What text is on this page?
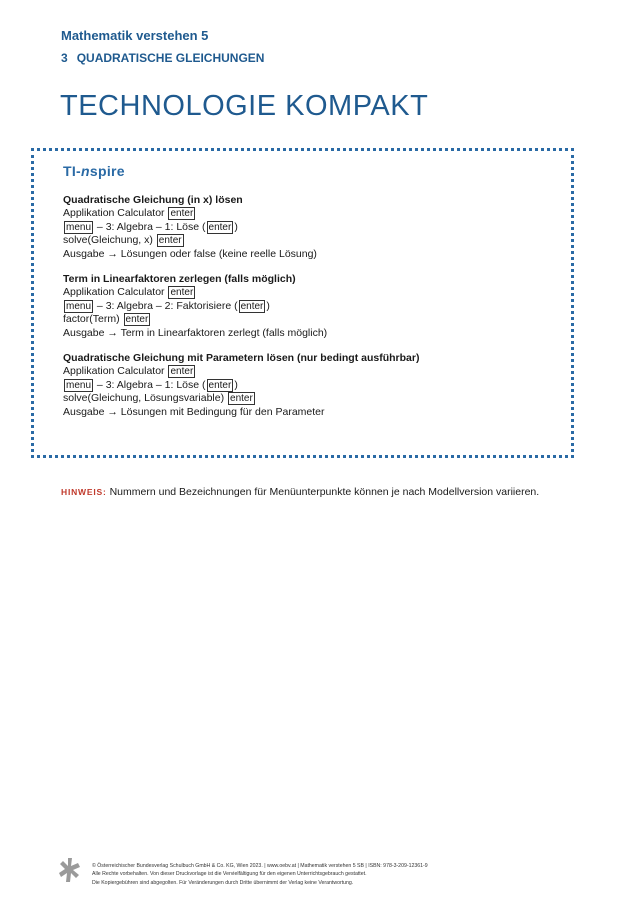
Mathematik verstehen 5
3 QUADRATISCHE GLEICHUNGEN
TECHNOLOGIE KOMPAKT
TI-nspire
Quadratische Gleichung (in x) lösen
Applikation Calculator enter
menu – 3: Algebra – 1: Löse ( enter )
solve(Gleichung, x) enter
Ausgabe → Lösungen oder false (keine reelle Lösung)
Term in Linearfaktoren zerlegen (falls möglich)
Applikation Calculator enter
menu – 3: Algebra – 2: Faktorisiere ( enter )
factor(Term) enter
Ausgabe → Term in Linearfaktoren zerlegt (falls möglich)
Quadratische Gleichung mit Parametern lösen (nur bedingt ausführbar)
Applikation Calculator enter
menu – 3: Algebra – 1: Löse ( enter )
solve(Gleichung, Lösungsvariable) enter
Ausgabe → Lösungen mit Bedingung für den Parameter
HINWEIS: Nummern und Bezeichnungen für Menüunterpunkte können je nach Modellversion variieren.
© Österreichischer Bundesverlag Schulbuch GmbH & Co. KG, Wien 2023. | www.oebv.at | Mathematik verstehen 5 SB | ISBN: 978-3-209-12361-9
Alle Rechte vorbehalten. Von dieser Druckvorlage ist die Vervielfältigung für den eigenen Unterrichtsgebrauch gestattet.
Die Kopiergebühren sind abgegolten. Für Veränderungen durch Dritte übernimmt der Verlag keine Verantwortung.
